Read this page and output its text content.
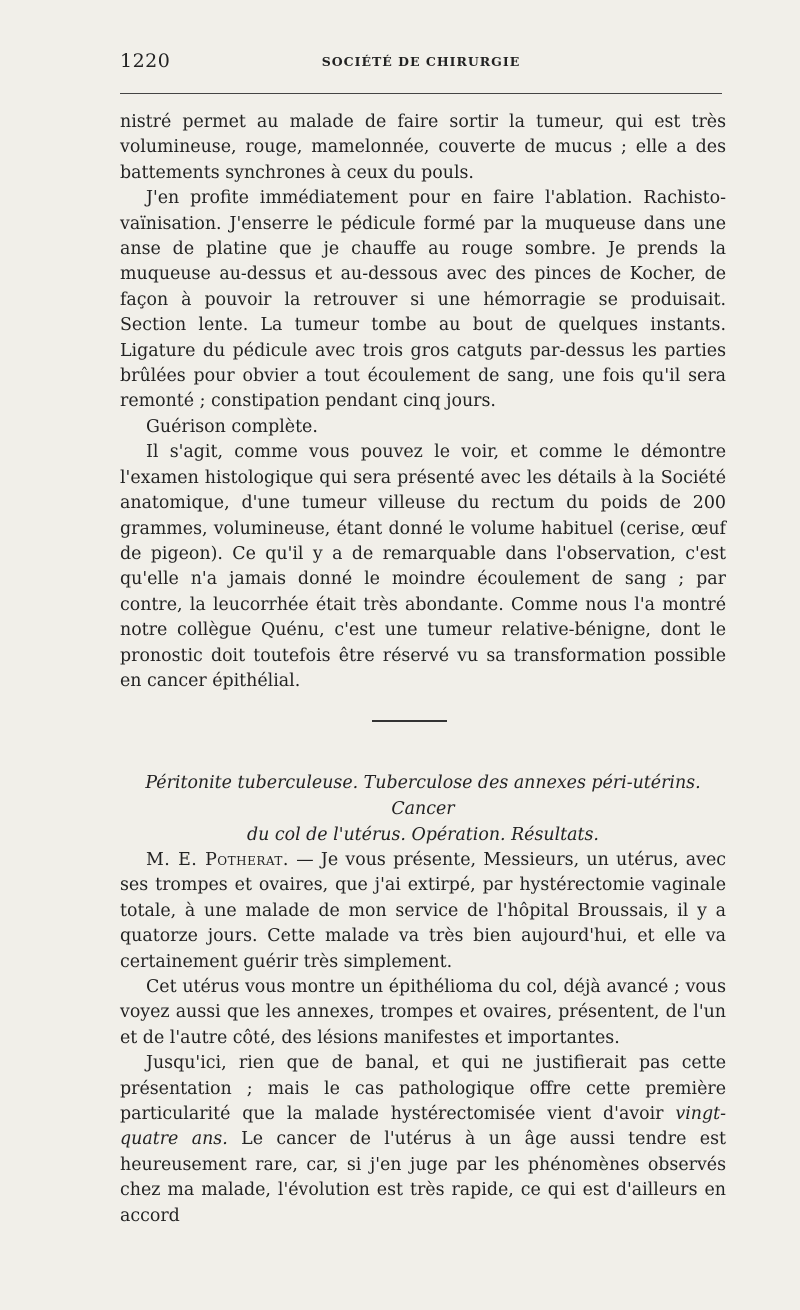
1220	SOCIÉTÉ DE CHIRURGIE

nistré permet au malade de faire sortir la tumeur, qui est très volumineuse, rouge, mamelonnée, couverte de mucus ; elle a des battements synchrones à ceux du pouls.

J'en profite immédiatement pour en faire l'ablation. Rachisto-vaïnisation. J'enserre le pédicule formé par la muqueuse dans une anse de platine que je chauffe au rouge sombre. Je prends la muqueuse au-dessus et au-dessous avec des pinces de Kocher, de façon à pouvoir la retrouver si une hémorragie se produisait. Section lente. La tumeur tombe au bout de quelques instants. Ligature du pédicule avec trois gros catguts par-dessus les parties brûlées pour obvier a tout écoulement de sang, une fois qu'il sera remonté ; constipation pendant cinq jours.

Guérison complète.

Il s'agit, comme vous pouvez le voir, et comme le démontre l'examen histologique qui sera présenté avec les détails à la Société anatomique, d'une tumeur villeuse du rectum du poids de 200 grammes, volumineuse, étant donné le volume habituel (cerise, œuf de pigeon). Ce qu'il y a de remarquable dans l'observation, c'est qu'elle n'a jamais donné le moindre écoulement de sang ; par contre, la leucorrhée était très abondante. Comme nous l'a montré notre collègue Quénu, c'est une tumeur relative-bénigne, dont le pronostic doit toutefois être réservé vu sa transformation possible en cancer épithélial.

Péritonite tuberculeuse. Tuberculose des annexes péri-utérins. Cancer
du col de l'utérus. Opération. Résultats.

M. E. Potherat. — Je vous présente, Messieurs, un utérus, avec ses trompes et ovaires, que j'ai extirpé, par hystérectomie vaginale totale, à une malade de mon service de l'hôpital Broussais, il y a quatorze jours. Cette malade va très bien aujourd'hui, et elle va certainement guérir très simplement.

Cet utérus vous montre un épithélioma du col, déjà avancé ; vous voyez aussi que les annexes, trompes et ovaires, présentent, de l'un et de l'autre côté, des lésions manifestes et importantes.

Jusqu'ici, rien que de banal, et qui ne justifierait pas cette présentation ; mais le cas pathologique offre cette première particularité que la malade hystérectomisée vient d'avoir vingt-quatre ans. Le cancer de l'utérus à un âge aussi tendre est heureusement rare, car, si j'en juge par les phénomènes observés chez ma malade, l'évolution est très rapide, ce qui est d'ailleurs en accord
